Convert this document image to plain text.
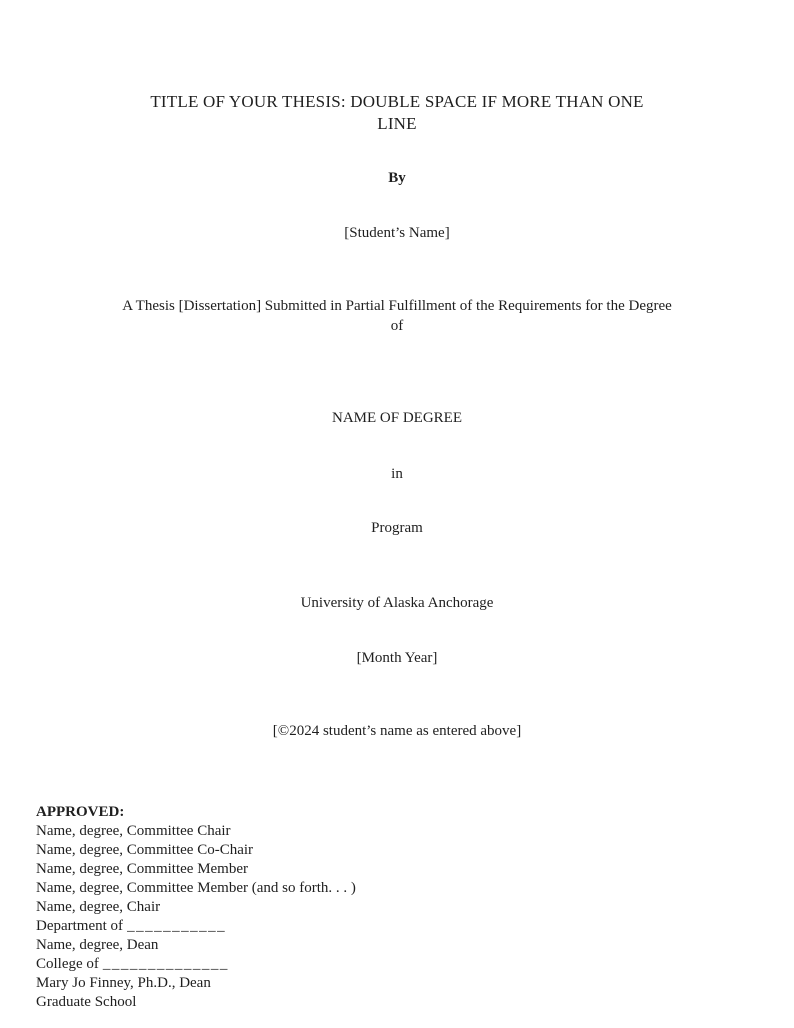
TITLE OF YOUR THESIS: DOUBLE SPACE IF MORE THAN ONE
LINE
By
[Student’s Name]
A Thesis [Dissertation] Submitted in Partial Fulfillment of the Requirements for the Degree
of
NAME OF DEGREE
in
Program
University of Alaska Anchorage
[Month Year]
[©2024 student’s name as entered above]
APPROVED:
Name, degree, Committee Chair
Name, degree, Committee Co-Chair
Name, degree, Committee Member
Name, degree, Committee Member (and so forth. . . )
Name, degree, Chair
Department of ___________
Name, degree, Dean
College of ______________
Mary Jo Finney, Ph.D., Dean
Graduate School
